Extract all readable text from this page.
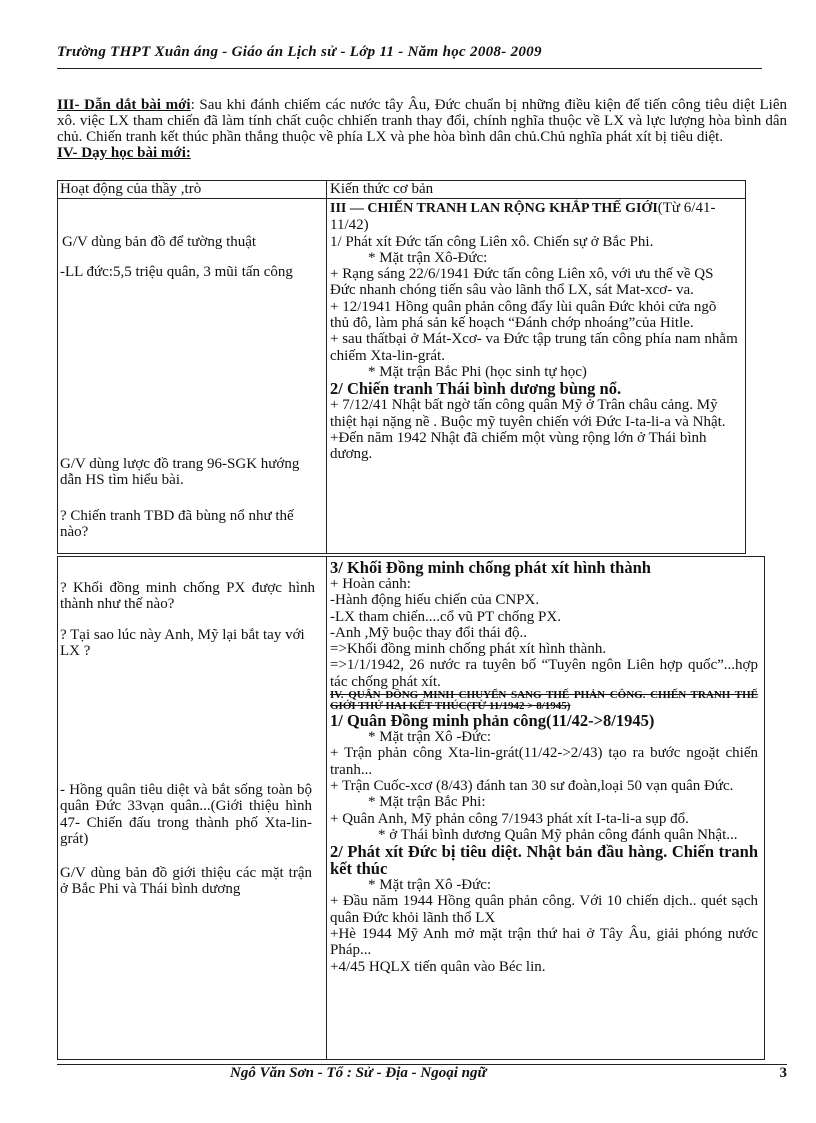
Trường THPT Xuân áng - Giáo án Lịch sử - Lớp 11 - Năm học 2008- 2009

III- Dẫn dắt bài mới: Sau khi đánh chiếm các nước tây Âu, Đức chuẩn bị những điều kiện để tiến công tiêu diệt Liên xô. việc LX tham chiến đã làm tính chất cuộc chhiến tranh thay đổi, chính nghĩa thuộc về LX và lực lượng hòa bình dân chủ. Chiến tranh kết thúc phần thắng thuộc về phía LX và phe hòa bình dân chủ.Chủ nghĩa phát xít bị tiêu diệt.

IV- Dạy học bài mới:

Hoạt động của thầy ,trò	Kiến thức cơ bản

G/V dùng bản đồ để tường thuật

-LL đức:5,5 triệu quân, 3 mũi tấn công

G/V dùng lược đồ trang 96-SGK hướng dẫn HS tìm hiểu bài.

? Chiến tranh TBD đã bùng nổ như thế nào?

III — CHIẾN TRANH LAN RỘNG KHẮP THẾ GIỚI(Từ 6/41- 11/42)

1/ Phát xít Đức tấn công Liên xô. Chiến sự ở Bắc Phi.

* Mặt trận Xô-Đức:

+ Rạng sáng 22/6/1941 Đức tấn công Liên xô, với ưu thế về QS Đức nhanh chóng tiến sâu vào lãnh thổ LX, sát Mat-xcơ- va.

+ 12/1941 Hồng quân phản công đẩy lùi quân Đức khỏi cửa ngõ thủ đô, làm phá sản kế hoạch “Đánh chớp nhoáng”của Hitle.

+ sau thấtbại ở Mát-Xcơ- va Đức tập trung tấn công phía nam nhằm chiếm Xta-lin-grát.

* Mặt trận Bắc Phi (học sinh tự học)

2/ Chiến tranh Thái bình dương bùng nổ.

+ 7/12/41 Nhật bất ngờ tấn công quân Mỹ ở Trân châu cảng. Mỹ thiệt hại nặng nề . Buộc mỹ tuyên chiến với Đức I-ta-li-a và Nhật.

+Đến năm 1942 Nhật đã chiếm một vùng rộng lớn ở Thái bình dương.

? Khối đồng minh chống PX được hình thành như thế nào?

? Tại sao lúc này Anh, Mỹ lại bắt tay với LX ?

- Hồng quân tiêu diệt và bắt sống toàn bộ quân Đức 33vạn quân...(Giới thiệu hình 47- Chiến đấu trong thành phố Xta-lin-grát)

G/V dùng bản đồ giới thiệu các mặt trận ở Bắc Phi và Thái bình dương

3/ Khối Đồng minh chống phát xít hình thành

+ Hoàn cảnh:

-Hành động hiếu chiến của CNPX.

-LX tham chiến....cổ vũ PT chống PX.

-Anh ,Mỹ buộc thay đổi thái độ..

=>Khối đồng minh chống phát xít hình thành.

=>1/1/1942, 26 nước ra tuyên bố “Tuyên ngôn Liên hợp quốc”...hợp tác chống phát xít.

IV. QUÂN ĐỒNG MINH CHUYỂN SANG THẾ PHẢN CÔNG. CHIẾN TRANH THẾ GIỚI THỨ HAI KẾT THÚC(TỪ 11/1942 > 8/1945)

1/ Quân Đồng minh phản công(11/42->8/1945)

* Mặt trận Xô -Đức:

+ Trận phản công Xta-lin-grát(11/42->2/43) tạo ra bước ngoặt chiến tranh...

+ Trận Cuốc-xcơ (8/43) đánh tan 30 sư đoàn,loại 50 vạn quân Đức.

* Mặt trận Bắc Phi:

+ Quân Anh, Mỹ phản công 7/1943 phát xít I-ta-li-a sụp đổ.

* ở Thái bình dương Quân Mỹ phản công đánh quân Nhật...

2/ Phát xít Đức bị tiêu diệt. Nhật bản đầu hàng. Chiến tranh kết thúc

* Mặt trận Xô -Đức:

+ Đầu năm 1944 Hồng quân phản công. Với 10 chiến dịch.. quét sạch quân Đức khỏi lãnh thổ LX

+Hè 1944 Mỹ Anh mở mặt trận thứ hai ở Tây Âu, giải phóng nước Pháp...

+4/45 HQLX tiến quân vào Béc lin.

Ngô Văn Sơn - Tổ : Sử - Địa - Ngoại ngữ	3
